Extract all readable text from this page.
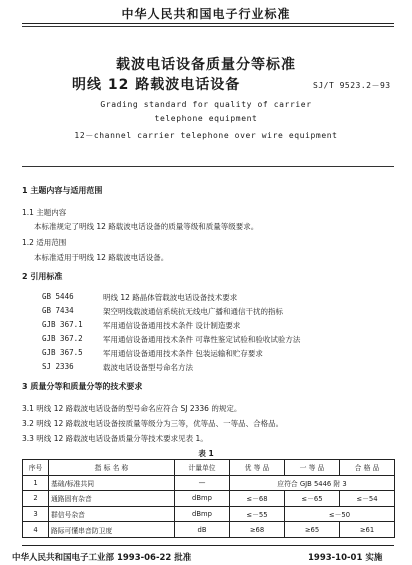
中华人民共和国电子行业标准
载波电话设备质量分等标准
明线 12 路载波电话设备	SJ/T 9523.2－93
Grading standard for quality of carrier
telephone equipment
12－channel carrier telephone over wire equipment
1 主题内容与适用范围
1.1 主题内容
本标准规定了明线 12 路载波电话设备的质量等级和质量等级要求。
1.2 适用范围
本标准适用于明线 12 路载波电话设备。
2 引用标准
GB 5446	明线 12 路晶体管载波电话设备技术要求
GB 7434	架空明线载波通信系统抗无线电广播和通信干扰的指标
GJB 367.1	军用通信设备通用技术条件 设计制造要求
GJB 367.2	军用通信设备通用技术条件 可靠性鉴定试验和验收试验方法
GJB 367.5	军用通信设备通用技术条件 包装运输和贮存要求
SJ 2336	载波电话设备型号命名方法
3 质量分等和质量分等的技术要求
3.1 明线 12 路载波电话设备的型号命名应符合 SJ 2336 的规定。
3.2 明线 12 路载波电话设备按质量等级分为三等，优等品、一等品、合格品。
3.3 明线 12 路载波电话设备质量分等技术要求见表 1。
表 1
序号	指 标 名 称	计量单位	优 等 品	一 等 品	合 格 品
1	基础/标准共同	—	应符合 GJB 5446 附 3		
2	通路固有杂音	dBmp	≤－68	≤－65	≤－54
3	群信号杂音	dBmp	≤－55	≤－50	
4	路际可懂串音防卫度	dB	≥68	≥65	≥61
中华人民共和国电子工业部 1993-06-22 批准	1993-10-01 实施
